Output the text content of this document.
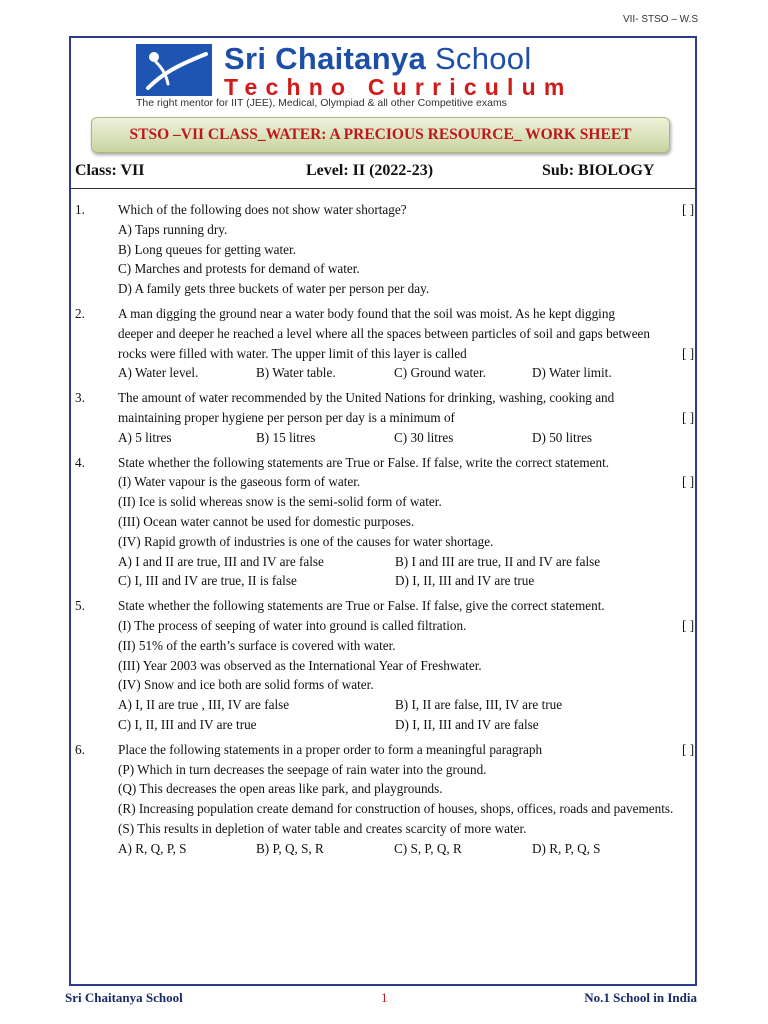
VII- STSO – W.S
Sri Chaitanya School
Techno Curriculum
The right mentor for IIT (JEE), Medical, Olympiad & all other Competitive exams
STSO –VII CLASS_WATER: A PRECIOUS RESOURCE_ WORK SHEET
Class: VII	Level: II (2022-23)	Sub: BIOLOGY
1.	Which of the following does not show water shortage?	[ ]
A) Taps running dry.
B) Long queues for getting water.
C) Marches and protests for demand of water.
D) A family gets three buckets of water per person per day.
2.	A man digging the ground near a water body found that the soil was moist. As he kept digging
deeper and deeper he reached a level where all the spaces between particles of soil and gaps between
rocks were filled with water. The upper limit of this layer is called	[ ]
A) Water level.	B) Water table.	C) Ground water.	D) Water limit.
3.	The amount of water recommended by the United Nations for drinking, washing, cooking and
maintaining proper hygiene per person per day is a minimum of	[ ]
A) 5 litres	B) 15 litres	C) 30 litres	D) 50 litres
4.	State whether the following statements are True or False. If false, write the correct statement.
(I) Water vapour is the gaseous form of water.	[ ]
(II) Ice is solid whereas snow is the semi-solid form of water.
(III) Ocean water cannot be used for domestic purposes.
(IV) Rapid growth of industries is one of the causes for water shortage.
A) I and II are true, III and IV are false	B) I and III are true, II and IV are false
C) I, III and IV are true, II is false	D) I, II, III and IV are true
5.	State whether the following statements are True or False. If false, give the correct statement.
(I) The process of seeping of water into ground is called filtration.	[ ]
(II) 51% of the earth’s surface is covered with water.
(III) Year 2003 was observed as the International Year of Freshwater.
(IV) Snow and ice both are solid forms of water.
A) I, II are true , III, IV are false	B) I, II are false, III, IV are true
C) I, II, III and IV are true	D) I, II, III and IV are false
6.	Place the following statements in a proper order to form a meaningful paragraph	[ ]
(P) Which in turn decreases the seepage of rain water into the ground.
(Q) This decreases the open areas like park, and playgrounds.
(R) Increasing population create demand for construction of houses, shops, offices, roads and pavements.
(S) This results in depletion of water table and creates scarcity of more water.
A) R, Q, P, S	B) P, Q, S, R	C) S, P, Q, R	D) R, P, Q, S
Sri Chaitanya School	1	No.1 School in India
